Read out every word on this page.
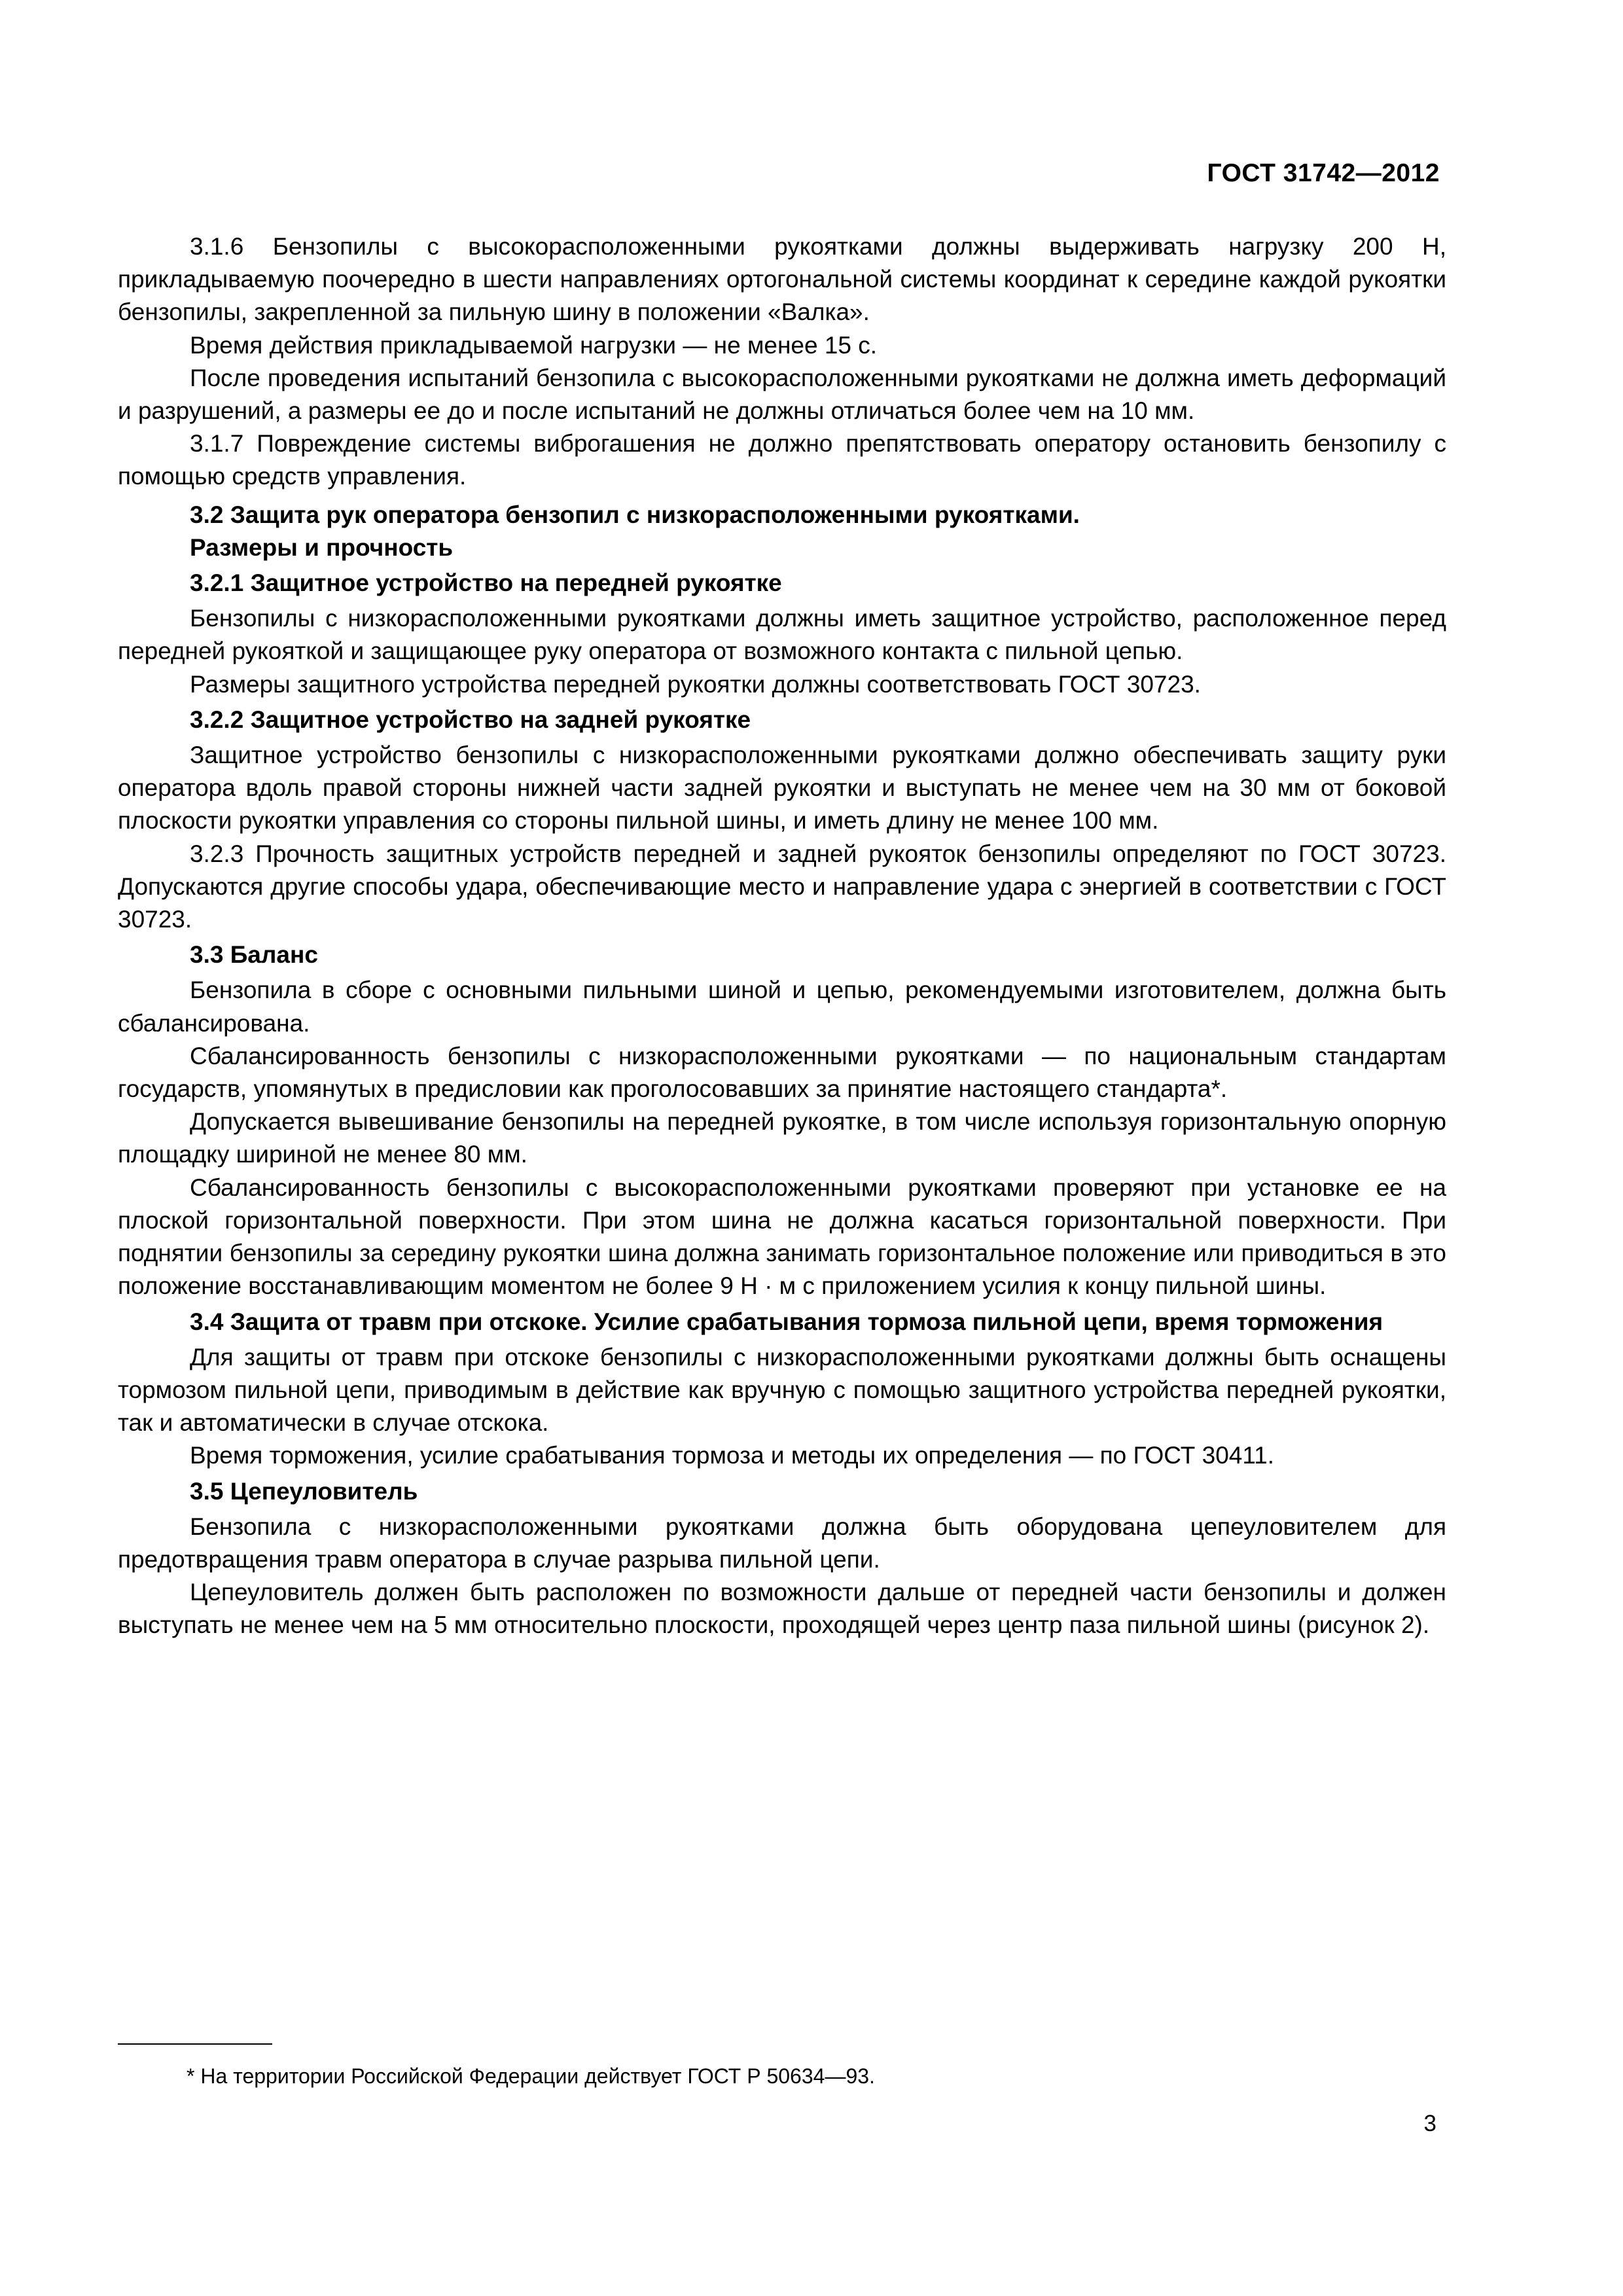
ГОСТ 31742—2012

3.1.6 Бензопилы с высокорасположенными рукоятками должны выдерживать нагрузку 200 Н, прикладываемую поочередно в шести направлениях ортогональной системы координат к середине каждой рукоятки бензопилы, закрепленной за пильную шину в положении «Валка».

Время действия прикладываемой нагрузки — не менее 15 с.

После проведения испытаний бензопила с высокорасположенными рукоятками не должна иметь деформаций и разрушений, а размеры ее до и после испытаний не должны отличаться более чем на 10 мм.

3.1.7 Повреждение системы виброгашения не должно препятствовать оператору остановить бензопилу с помощью средств управления.

3.2 Защита рук оператора бензопил с низкорасположенными рукоятками.
Размеры и прочность

3.2.1 Защитное устройство на передней рукоятке

Бензопилы с низкорасположенными рукоятками должны иметь защитное устройство, расположенное перед передней рукояткой и защищающее руку оператора от возможного контакта с пильной цепью.

Размеры защитного устройства передней рукоятки должны соответствовать ГОСТ 30723.

3.2.2 Защитное устройство на задней рукоятке

Защитное устройство бензопилы с низкорасположенными рукоятками должно обеспечивать защиту руки оператора вдоль правой стороны нижней части задней рукоятки и выступать не менее чем на 30 мм от боковой плоскости рукоятки управления со стороны пильной шины, и иметь длину не менее 100 мм.

3.2.3 Прочность защитных устройств передней и задней рукояток бензопилы определяют по ГОСТ 30723. Допускаются другие способы удара, обеспечивающие место и направление удара с энергией в соответствии с ГОСТ 30723.

3.3 Баланс

Бензопила в сборе с основными пильными шиной и цепью, рекомендуемыми изготовителем, должна быть сбалансирована.

Сбалансированность бензопилы с низкорасположенными рукоятками — по национальным стандартам государств, упомянутых в предисловии как проголосовавших за принятие настоящего стандарта*.

Допускается вывешивание бензопилы на передней рукоятке, в том числе используя горизонтальную опорную площадку шириной не менее 80 мм.

Сбалансированность бензопилы с высокорасположенными рукоятками проверяют при установке ее на плоской горизонтальной поверхности. При этом шина не должна касаться горизонтальной поверхности. При поднятии бензопилы за середину рукоятки шина должна занимать горизонтальное положение или приводиться в это положение восстанавливающим моментом не более 9 Н · м с приложением усилия к концу пильной шины.

3.4 Защита от травм при отскоке. Усилие срабатывания тормоза пильной цепи, время торможения

Для защиты от травм при отскоке бензопилы с низкорасположенными рукоятками должны быть оснащены тормозом пильной цепи, приводимым в действие как вручную с помощью защитного устройства передней рукоятки, так и автоматически в случае отскока.

Время торможения, усилие срабатывания тормоза и методы их определения — по ГОСТ 30411.

3.5 Цепеуловитель

Бензопила с низкорасположенными рукоятками должна быть оборудована цепеуловителем для предотвращения травм оператора в случае разрыва пильной цепи.

Цепеуловитель должен быть расположен по возможности дальше от передней части бензопилы и должен выступать не менее чем на 5 мм относительно плоскости, проходящей через центр паза пильной шины (рисунок 2).

* На территории Российской Федерации действует ГОСТ Р 50634—93.
3
